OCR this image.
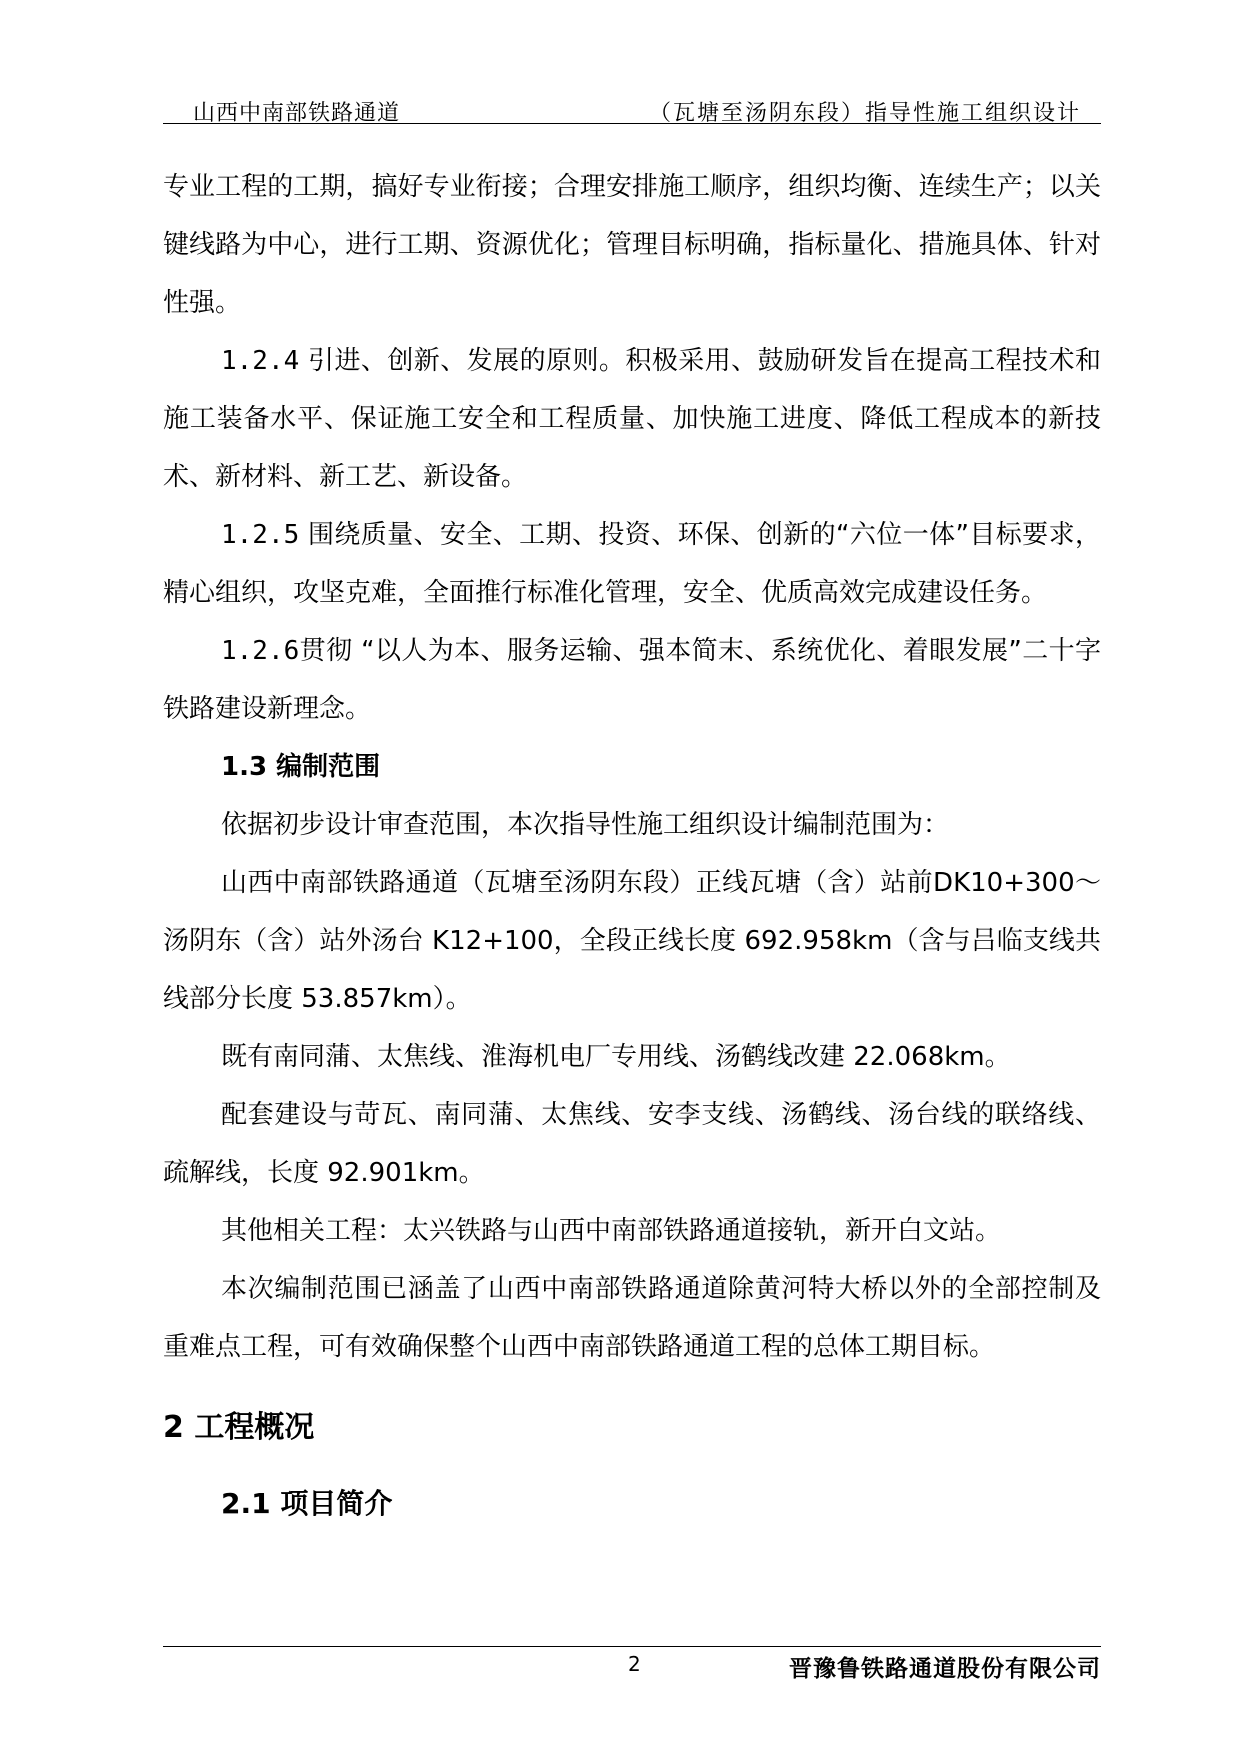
山西中南部铁路通道	（瓦塘至汤阴东段）指导性施工组织设计

专业工程的工期，搞好专业衔接；合理安排施工顺序，组织均衡、连续生产；以关键线路为中心，进行工期、资源优化；管理目标明确，指标量化、措施具体、针对性强。

1.2.4 引进、创新、发展的原则。积极采用、鼓励研发旨在提高工程技术和施工装备水平、保证施工安全和工程质量、加快施工进度、降低工程成本的新技术、新材料、新工艺、新设备。

1.2.5 围绕质量、安全、工期、投资、环保、创新的“六位一体”目标要求，精心组织，攻坚克难，全面推行标准化管理，安全、优质高效完成建设任务。

1.2.6贯彻 “以人为本、服务运输、强本简末、系统优化、着眼发展”二十字铁路建设新理念。

1.3 编制范围

依据初步设计审查范围，本次指导性施工组织设计编制范围为：

山西中南部铁路通道（瓦塘至汤阴东段）正线瓦塘（含）站前DK10+300～汤阴东（含）站外汤台 K12+100，全段正线长度 692.958km（含与吕临支线共线部分长度 53.857km）。

既有南同蒲、太焦线、淮海机电厂专用线、汤鹤线改建 22.068km。

配套建设与苛瓦、南同蒲、太焦线、安李支线、汤鹤线、汤台线的联络线、疏解线，长度 92.901km。

其他相关工程：太兴铁路与山西中南部铁路通道接轨，新开白文站。

本次编制范围已涵盖了山西中南部铁路通道除黄河特大桥以外的全部控制及重难点工程，可有效确保整个山西中南部铁路通道工程的总体工期目标。

2 工程概况

2.1 项目简介

2	晋豫鲁铁路通道股份有限公司
